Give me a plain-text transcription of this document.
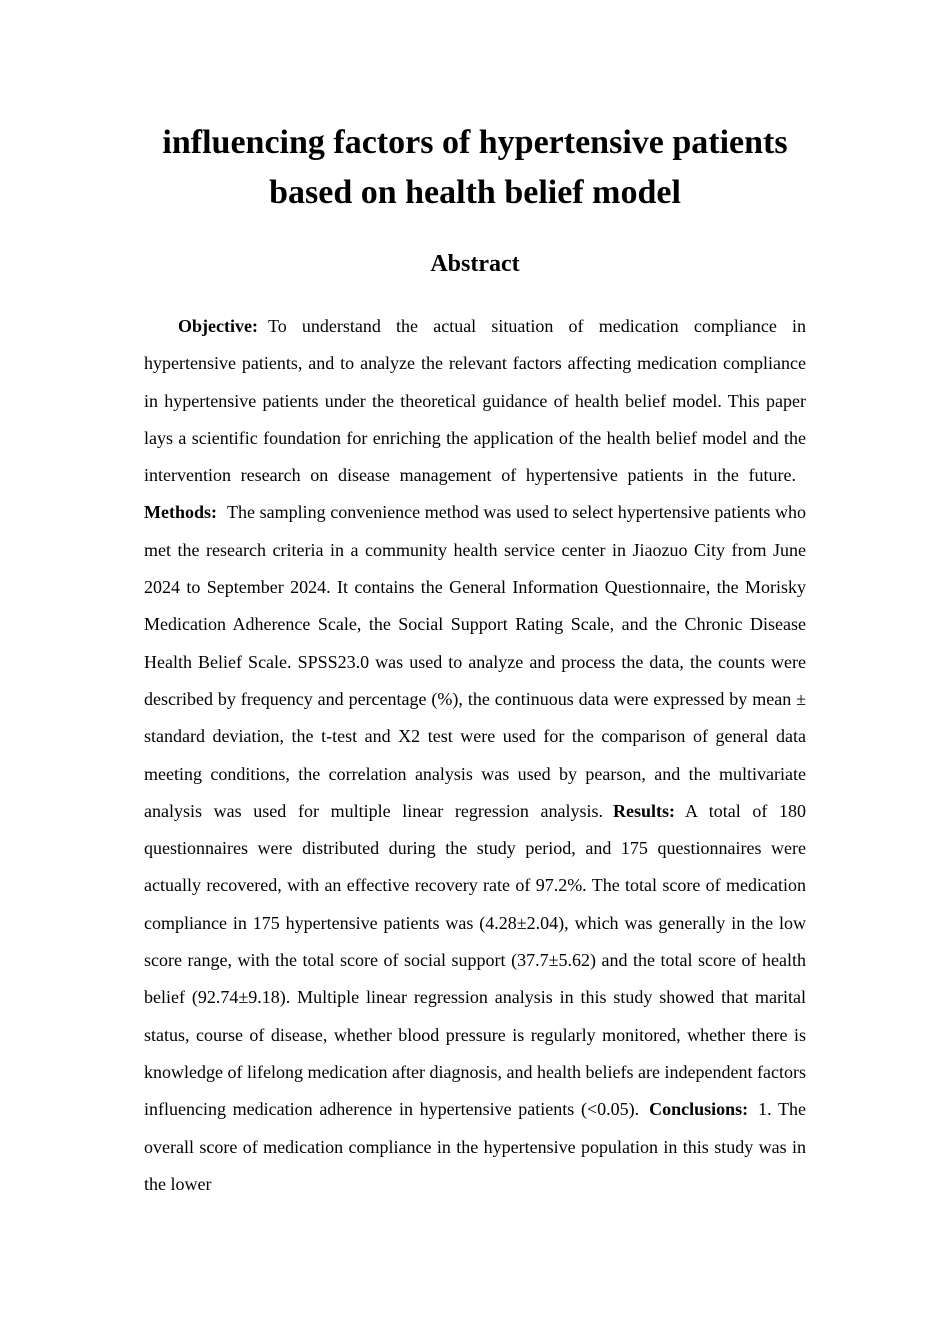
influencing factors of hypertensive patients
based on health belief model
Abstract

Objective: To understand the actual situation of medication compliance in hypertensive patients, and to analyze the relevant factors affecting medication compliance in hypertensive patients under the theoretical guidance of health belief model. This paper lays a scientific foundation for enriching the application of the health belief model and the intervention research on disease management of hypertensive patients in the future.Methods: The sampling convenience method was used to select hypertensive patients who met the research criteria in a community health service center in Jiaozuo City from June 2024 to September 2024. It contains the General Information Questionnaire, the Morisky Medication Adherence Scale, the Social Support Rating Scale, and the Chronic Disease Health Belief Scale. SPSS23.0 was used to analyze and process the data, the counts were described by frequency and percentage (%), the continuous data were expressed by mean ± standard deviation, the t-test and X2 test were used for the comparison of general data meeting conditions, the correlation analysis was used by pearson, and the multivariate analysis was used for multiple linear regression analysis. Results: A total of 180 questionnaires were distributed during the study period, and 175 questionnaires were actually recovered, with an effective recovery rate of 97.2%. The total score of medication compliance in 175 hypertensive patients was (4.28±2.04), which was generally in the low score range, with the total score of social support (37.7±5.62) and the total score of health belief (92.74±9.18). Multiple linear regression analysis in this study showed that marital status, course of disease, whether blood pressure is regularly monitored, whether there is knowledge of lifelong medication after diagnosis, and health beliefs are independent factors influencing medication adherence in hypertensive patients (<0.05). Conclusions: 1. The overall score of medication compliance in the hypertensive population in this study was in the lower
